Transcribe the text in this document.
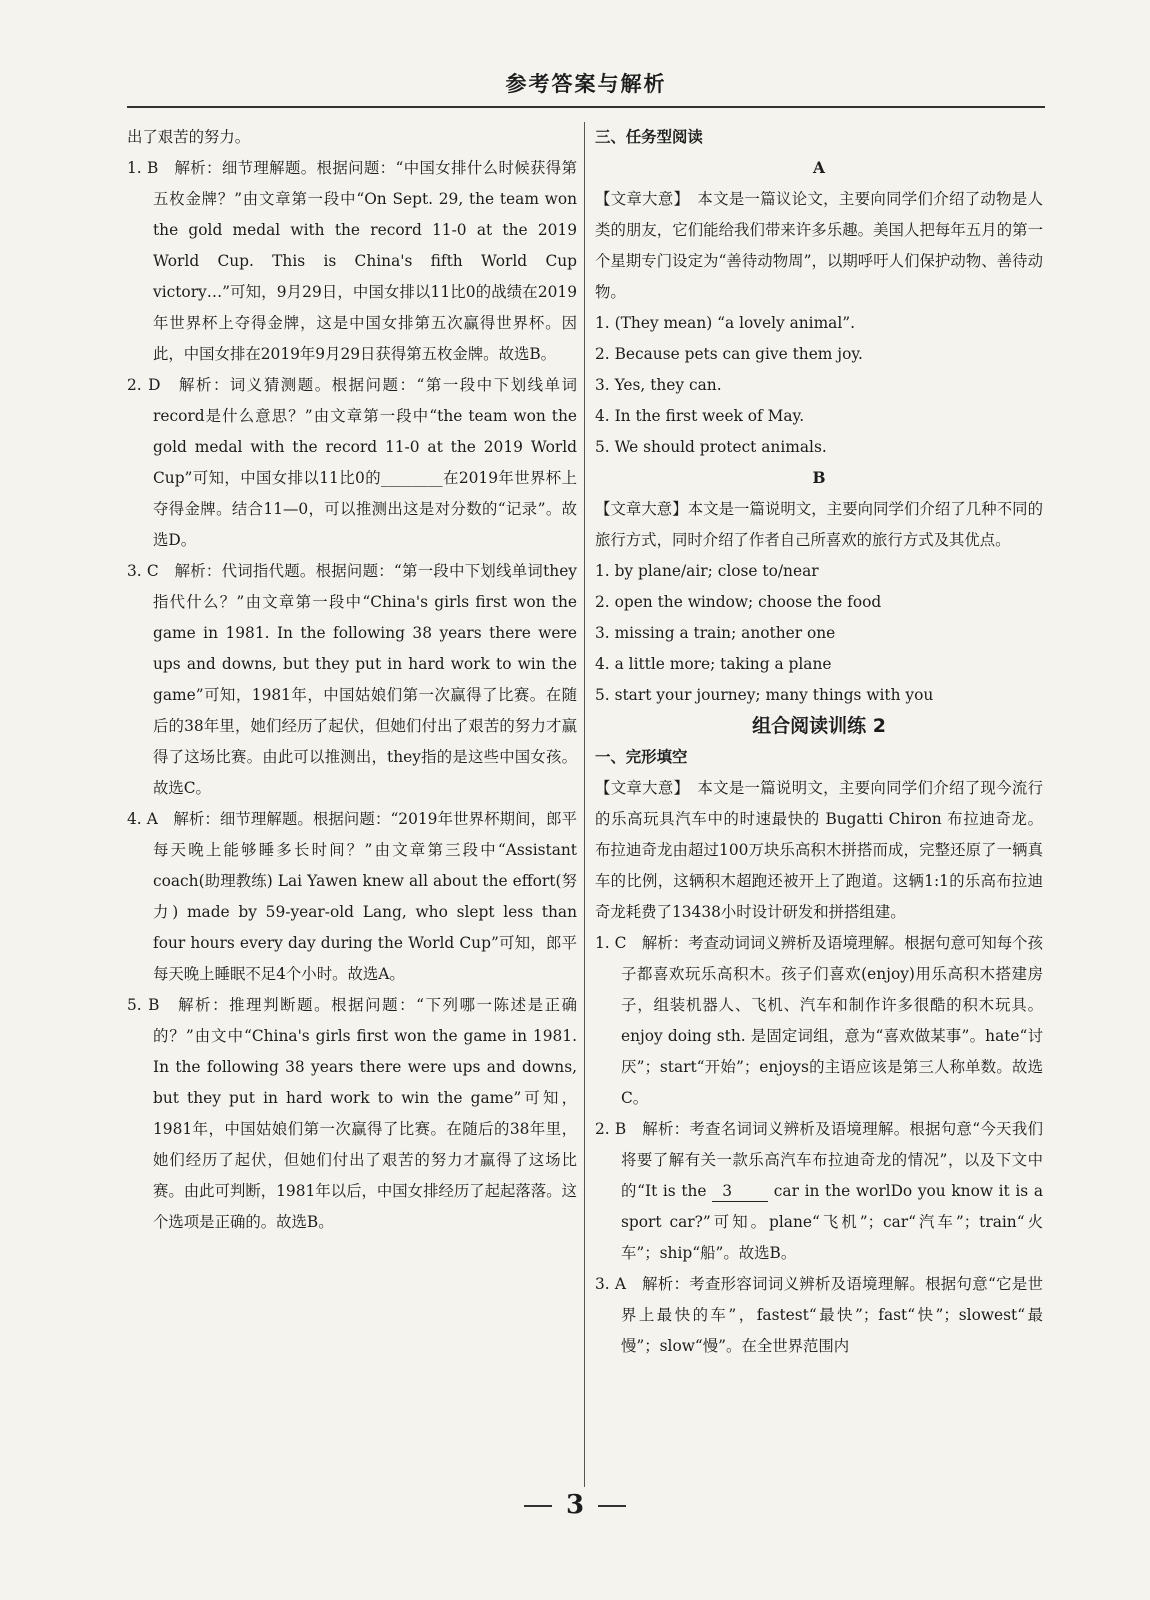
参考答案与解析

出了艰苦的努力。

1. B　解析：细节理解题。根据问题：“中国女排什么时候获得第五枚金牌？”由文章第一段中“On Sept. 29, the team won the gold medal with the record 11-0 at the 2019 World Cup. This is China's fifth World Cup victory…”可知，9月29日，中国女排以11比0的战绩在2019年世界杯上夺得金牌，这是中国女排第五次赢得世界杯。因此，中国女排在2019年9月29日获得第五枚金牌。故选B。

2. D　解析：词义猜测题。根据问题：“第一段中下划线单词record是什么意思？”由文章第一段中“the team won the gold medal with the record 11-0 at the 2019 World Cup”可知，中国女排以11比0的________在2019年世界杯上夺得金牌。结合11—0，可以推测出这是对分数的“记录”。故选D。

3. C　解析：代词指代题。根据问题：“第一段中下划线单词they指代什么？”由文章第一段中“China's girls first won the game in 1981. In the following 38 years there were ups and downs, but they put in hard work to win the game”可知，1981年，中国姑娘们第一次赢得了比赛。在随后的38年里，她们经历了起伏，但她们付出了艰苦的努力才赢得了这场比赛。由此可以推测出，they指的是这些中国女孩。故选C。

4. A　解析：细节理解题。根据问题：“2019年世界杯期间，郎平每天晚上能够睡多长时间？”由文章第三段中“Assistant coach(助理教练) Lai Yawen knew all about the effort(努力) made by 59-year-old Lang, who slept less than four hours every day during the World Cup”可知，郎平每天晚上睡眠不足4个小时。故选A。

5. B　解析：推理判断题。根据问题：“下列哪一陈述是正确的？”由文中“China's girls first won the game in 1981. In the following 38 years there were ups and downs, but they put in hard work to win the game”可知，1981年，中国姑娘们第一次赢得了比赛。在随后的38年里，她们经历了起伏，但她们付出了艰苦的努力才赢得了这场比赛。由此可判断，1981年以后，中国女排经历了起起落落。这个选项是正确的。故选B。

三、任务型阅读

A

【文章大意】　本文是一篇议论文，主要向同学们介绍了动物是人类的朋友，它们能给我们带来许多乐趣。美国人把每年五月的第一个星期专门设定为“善待动物周”，以期呼吁人们保护动物、善待动物。

1. (They mean) “a lovely animal”.

2. Because pets can give them joy.

3. Yes, they can.

4. In the first week of May.

5. We should protect animals.

B

【文章大意】本文是一篇说明文，主要向同学们介绍了几种不同的旅行方式，同时介绍了作者自己所喜欢的旅行方式及其优点。

1. by plane/air; close to/near

2. open the window; choose the food

3. missing a train; another one

4. a little more; taking a plane

5. start your journey; many things with you

组合阅读训练 2

一、完形填空

【文章大意】　本文是一篇说明文，主要向同学们介绍了现今流行的乐高玩具汽车中的时速最快的 Bugatti Chiron 布拉迪奇龙。布拉迪奇龙由超过100万块乐高积木拼搭而成，完整还原了一辆真车的比例，这辆积木超跑还被开上了跑道。这辆1:1的乐高布拉迪奇龙耗费了13438小时设计研发和拼搭组建。

1. C　解析：考查动词词义辨析及语境理解。根据句意可知每个孩子都喜欢玩乐高积木。孩子们喜欢(enjoy)用乐高积木搭建房子，组装机器人、飞机、汽车和制作许多很酷的积木玩具。enjoy doing sth. 是固定词组，意为“喜欢做某事”。hate“讨厌”；start“开始”；enjoys的主语应该是第三人称单数。故选C。

2. B　解析：考查名词词义辨析及语境理解。根据句意“今天我们将要了解有关一款乐高汽车布拉迪奇龙的情况”，以及下文中的“It is the 3 car in the worlDo you know it is a sport car?”可知。plane“飞机”；car“汽车”；train“火车”；ship“船”。故选B。

3. A　解析：考查形容词词义辨析及语境理解。根据句意“它是世界上最快的车”，fastest“最快”；fast“快”；slowest“最慢”；slow“慢”。在全世界范围内

3
